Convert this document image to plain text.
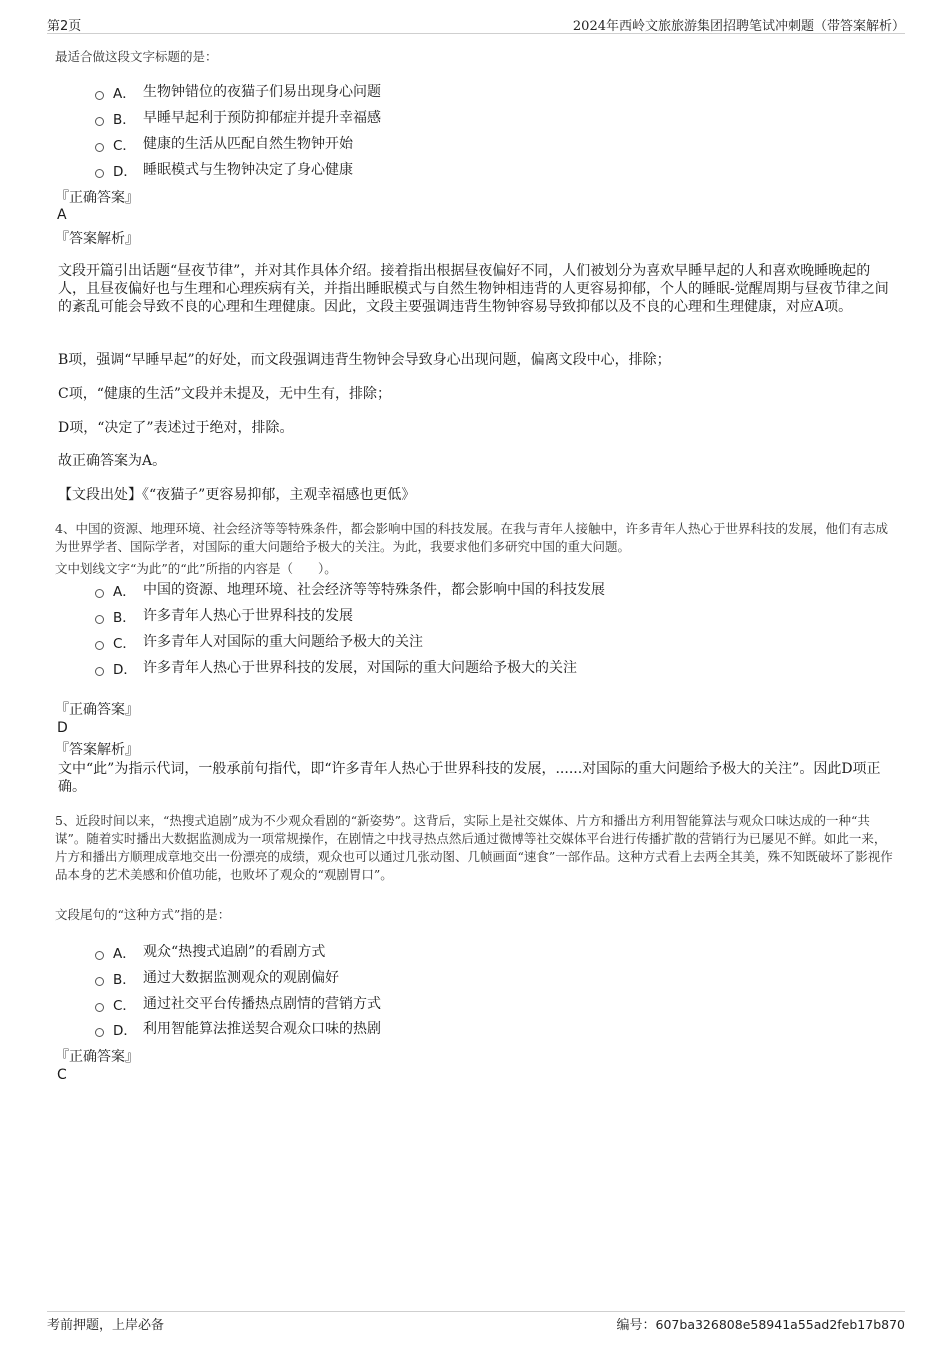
第2页	2024年西岭文旅旅游集团招聘笔试冲刺题（带答案解析）
最适合做这段文字标题的是：
A． 生物钟错位的夜猫子们易出现身心问题
B． 早睡早起利于预防抑郁症并提升幸福感
C． 健康的生活从匹配自然生物钟开始
D． 睡眠模式与生物钟决定了身心健康
『正确答案』
A
『答案解析』
文段开篇引出话题“昼夜节律”，并对其作具体介绍。接着指出根据昼夜偏好不同，人们被划分为喜欢早睡早起的人和喜欢晚睡晚起的人，且昼夜偏好也与生理和心理疾病有关，并指出睡眠模式与自然生物钟相违背的人更容易抑郁，个人的睡眠-觉醒周期与昼夜节律之间的紊乱可能会导致不良的心理和生理健康。因此，文段主要强调违背生物钟容易导致抑郁以及不良的心理和生理健康，对应A项。
B项，强调“早睡早起”的好处，而文段强调违背生物钟会导致身心出现问题，偏离文段中心，排除；
C项，“健康的生活”文段并未提及，无中生有，排除；
D项，“决定了”表述过于绝对，排除。
故正确答案为A。
【文段出处】《“夜猫子”更容易抑郁，主观幸福感也更低》
4、中国的资源、地理环境、社会经济等等特殊条件，都会影响中国的科技发展。在我与青年人接触中，许多青年人热心于世界科技的发展，他们有志成为世界学者、国际学者，对国际的重大问题给予极大的关注。为此，我要求他们多研究中国的重大问题。
文中划线文字“为此”的“此”所指的内容是（　　）。
A． 中国的资源、地理环境、社会经济等等特殊条件，都会影响中国的科技发展
B． 许多青年人热心于世界科技的发展
C． 许多青年人对国际的重大问题给予极大的关注
D． 许多青年人热心于世界科技的发展，对国际的重大问题给予极大的关注
『正确答案』
D
『答案解析』
文中“此”为指示代词，一般承前句指代，即“许多青年人热心于世界科技的发展，......对国际的重大问题给予极大的关注”。因此D项正确。
5、近段时间以来，“热搜式追剧”成为不少观众看剧的“新姿势”。这背后，实际上是社交媒体、片方和播出方利用智能算法与观众口味达成的一种“共谋”。随着实时播出大数据监测成为一项常规操作，在剧情之中找寻热点然后通过微博等社交媒体平台进行传播扩散的营销行为已屡见不鲜。如此一来，片方和播出方顺理成章地交出一份漂亮的成绩，观众也可以通过几张动图、几帧画面“速食”一部作品。这种方式看上去两全其美，殊不知既破坏了影视作品本身的艺术美感和价值功能，也败坏了观众的“观剧胃口”。
文段尾句的“这种方式”指的是：
A． 观众“热搜式追剧”的看剧方式
B． 通过大数据监测观众的观剧偏好
C． 通过社交平台传播热点剧情的营销方式
D． 利用智能算法推送契合观众口味的热剧
『正确答案』
C
考前押题，上岸必备	编号：607ba326808e58941a55ad2feb17b870
